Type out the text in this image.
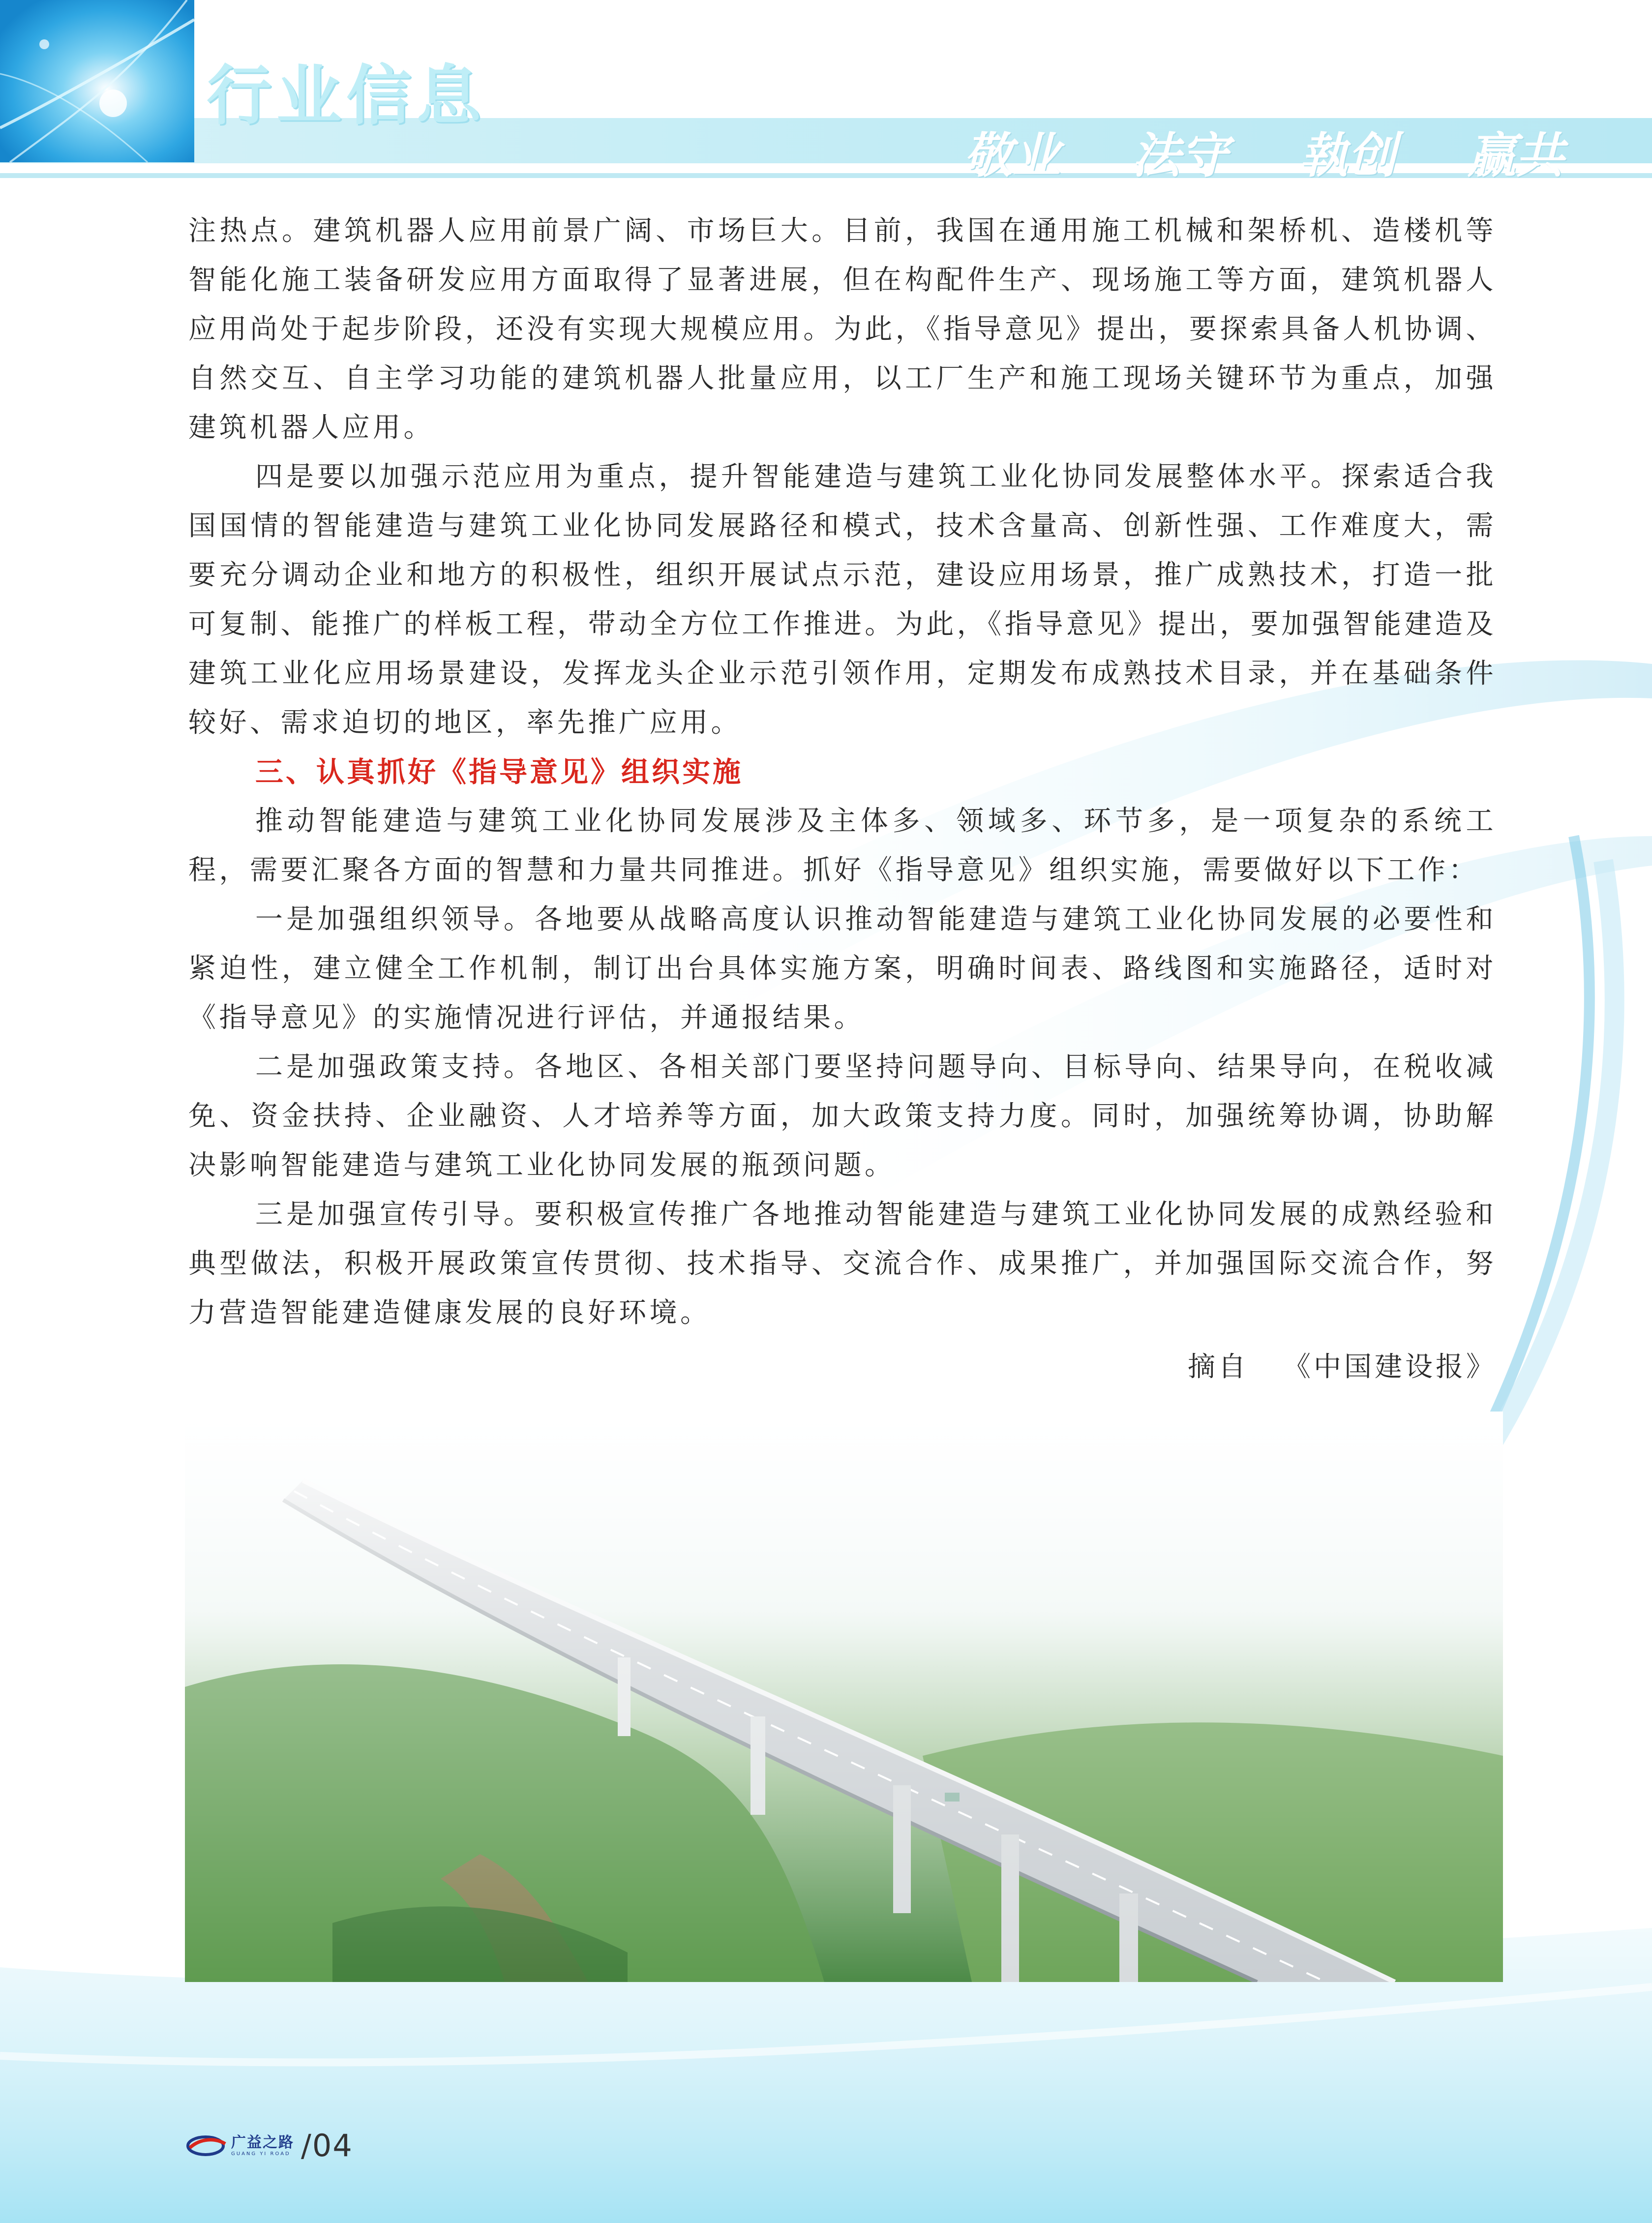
行业信息
敬业 法守 執创 赢共

注热点。建筑机器人应用前景广阔、市场巨大。目前，我国在通用施工机械和架桥机、造楼机等智能化施工装备研发应用方面取得了显著进展，但在构配件生产、现场施工等方面，建筑机器人应用尚处于起步阶段，还没有实现大规模应用。为此，《指导意见》提出，要探索具备人机协调、自然交互、自主学习功能的建筑机器人批量应用，以工厂生产和施工现场关键环节为重点，加强建筑机器人应用。

四是要以加强示范应用为重点，提升智能建造与建筑工业化协同发展整体水平。探索适合我国国情的智能建造与建筑工业化协同发展路径和模式，技术含量高、创新性强、工作难度大，需要充分调动企业和地方的积极性，组织开展试点示范，建设应用场景，推广成熟技术，打造一批可复制、能推广的样板工程，带动全方位工作推进。为此，《指导意见》提出，要加强智能建造及建筑工业化应用场景建设，发挥龙头企业示范引领作用，定期发布成熟技术目录，并在基础条件较好、需求迫切的地区，率先推广应用。

三、认真抓好《指导意见》组织实施

推动智能建造与建筑工业化协同发展涉及主体多、领域多、环节多，是一项复杂的系统工程，需要汇聚各方面的智慧和力量共同推进。抓好《指导意见》组织实施，需要做好以下工作：

一是加强组织领导。各地要从战略高度认识推动智能建造与建筑工业化协同发展的必要性和紧迫性，建立健全工作机制，制订出台具体实施方案，明确时间表、路线图和实施路径，适时对《指导意见》的实施情况进行评估，并通报结果。

二是加强政策支持。各地区、各相关部门要坚持问题导向、目标导向、结果导向，在税收减免、资金扶持、企业融资、人才培养等方面，加大政策支持力度。同时，加强统筹协调，协助解决影响智能建造与建筑工业化协同发展的瓶颈问题。

三是加强宣传引导。要积极宣传推广各地推动智能建造与建筑工业化协同发展的成熟经验和典型做法，积极开展政策宣传贯彻、技术指导、交流合作、成果推广，并加强国际交流合作，努力营造智能建造健康发展的良好环境。

摘自 《中国建设报》
广益之路
GUANG YI ROAD /04
